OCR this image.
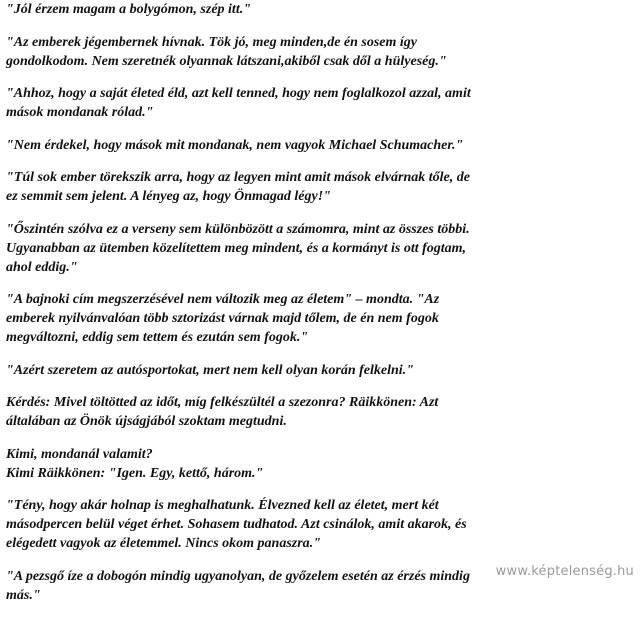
"Jól érzem magam a bolygómon, szép itt."
"Az emberek jégembernek hívnak. Tök jó, meg minden,de én sosem így
gondolkodom. Nem szeretnék olyannak látszani,akiből csak dől a hülyeség."
"Ahhoz, hogy a saját életed éld, azt kell tenned, hogy nem foglalkozol azzal, amit
mások mondanak rólad."
"Nem érdekel, hogy mások mit mondanak, nem vagyok Michael Schumacher."
"Túl sok ember törekszik arra, hogy az legyen mint amit mások elvárnak tőle, de
ez semmit sem jelent. A lényeg az, hogy Önmagad légy!"
"Őszintén szólva ez a verseny sem különbözött a számomra, mint az összes többi.
Ugyanabban az ütemben közelítettem meg mindent, és a kormányt is ott fogtam,
ahol eddig."
"A bajnoki cím megszerzésével nem változik meg az életem" – mondta. "Az
emberek nyilvánvalóan több sztorizást várnak majd tőlem, de én nem fogok
megváltozni, eddig sem tettem és ezután sem fogok."
"Azért szeretem az autósportokat, mert nem kell olyan korán felkelni."
Kérdés: Mivel töltötted az időt, míg felkészültél a szezonra? Räikkönen: Azt
általában az Önök újságjából szoktam megtudni.
Kimi, mondanál valamit?
Kimi Räikkönen: "Igen. Egy, kettő, három."
"Tény, hogy akár holnap is meghalhatunk. Élvezned kell az életet, mert két
másodpercen belül véget érhet. Sohasem tudhatod. Azt csinálok, amit akarok, és
elégedett vagyok az életemmel. Nincs okom panaszra."
"A pezsgő íze a dobogón mindig ugyanolyan, de győzelem esetén az érzés mindig
más."
www.képtelenség.hu
